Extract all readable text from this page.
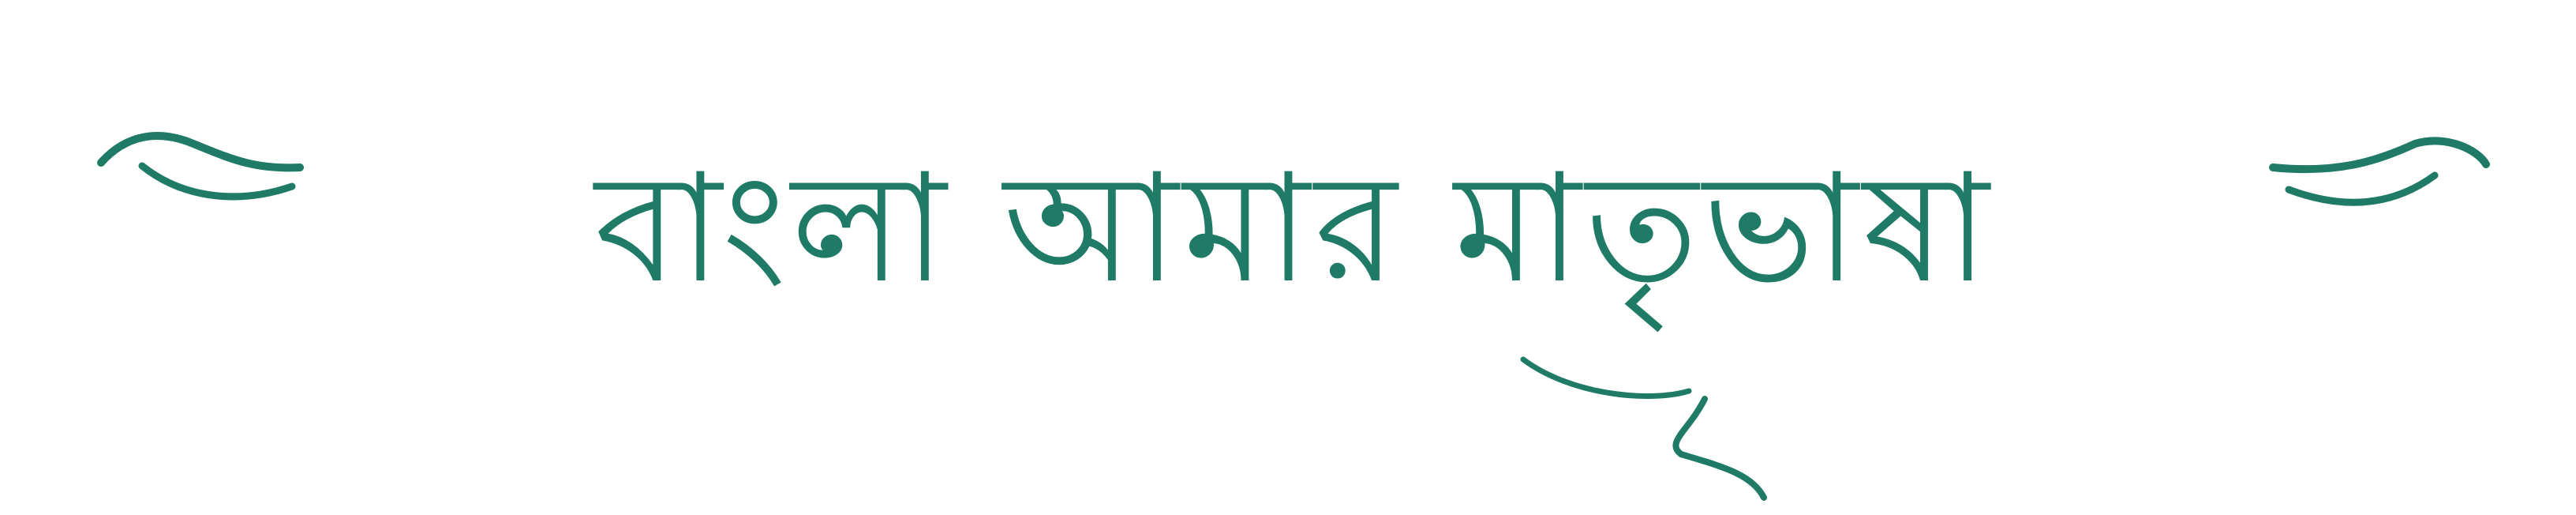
বাংলা আমার মাতৃভাষা
